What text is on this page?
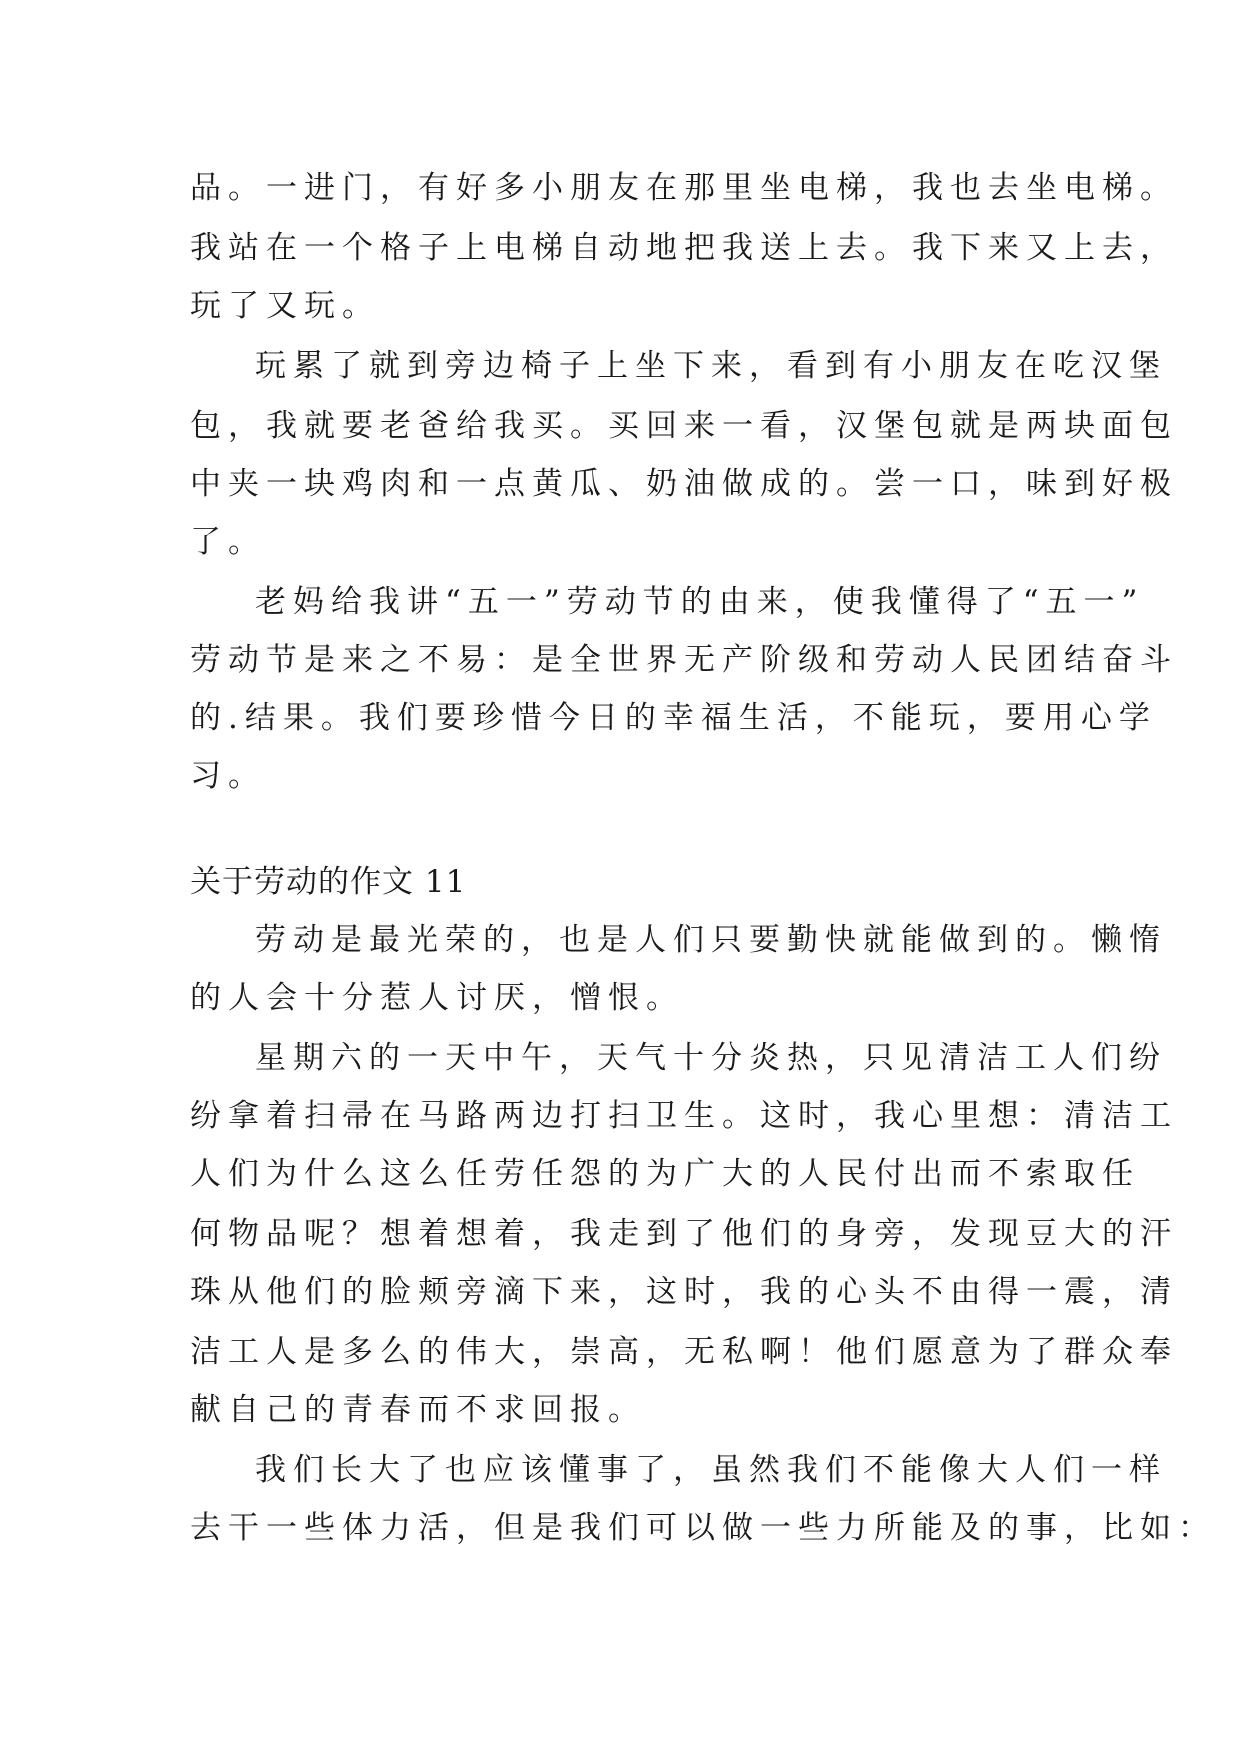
品。一进门，有好多小朋友在那里坐电梯，我也去坐电梯。
我站在一个格子上电梯自动地把我送上去。我下来又上去，
玩了又玩。
玩累了就到旁边椅子上坐下来，看到有小朋友在吃汉堡
包，我就要老爸给我买。买回来一看，汉堡包就是两块面包
中夹一块鸡肉和一点黄瓜、奶油做成的。尝一口，味到好极
了。
老妈给我讲“五一”劳动节的由来，使我懂得了“五一”
劳动节是来之不易：是全世界无产阶级和劳动人民团结奋斗
的.结果。我们要珍惜今日的幸福生活，不能玩，要用心学
习。
关于劳动的作文 11
劳动是最光荣的，也是人们只要勤快就能做到的。懒惰
的人会十分惹人讨厌，憎恨。
星期六的一天中午，天气十分炎热，只见清洁工人们纷
纷拿着扫帚在马路两边打扫卫生。这时，我心里想：清洁工
人们为什么这么任劳任怨的为广大的人民付出而不索取任
何物品呢？想着想着，我走到了他们的身旁，发现豆大的汗
珠从他们的脸颊旁滴下来，这时，我的心头不由得一震，清
洁工人是多么的伟大，崇高，无私啊！他们愿意为了群众奉
献自己的青春而不求回报。
我们长大了也应该懂事了，虽然我们不能像大人们一样
去干一些体力活，但是我们可以做一些力所能及的事，比如：
